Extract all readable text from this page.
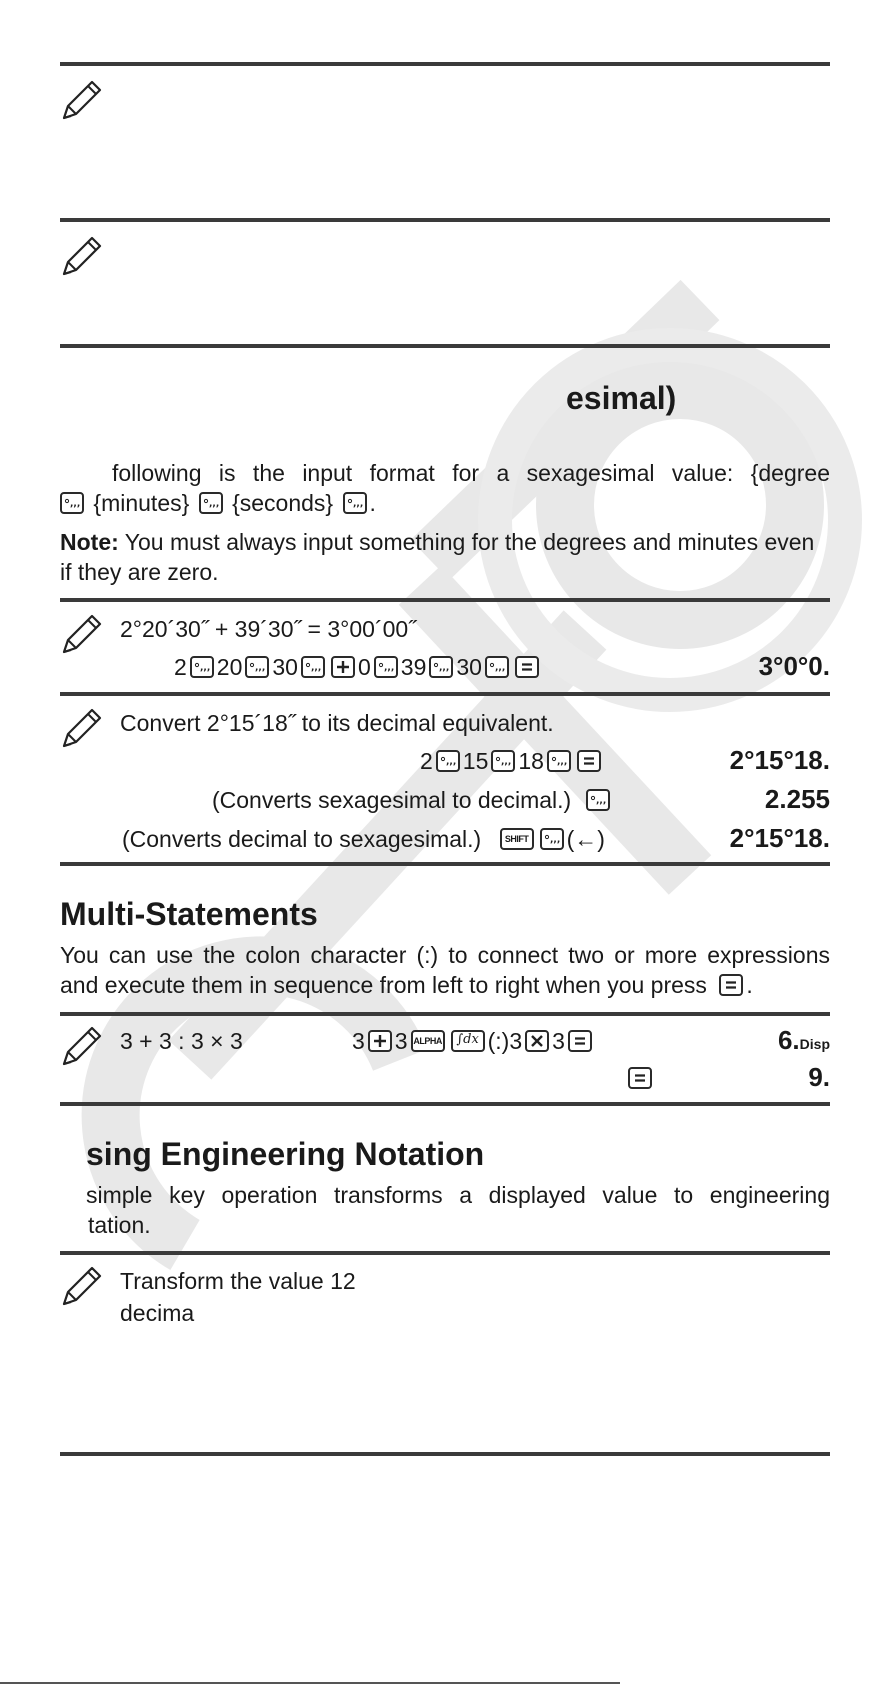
esimal)
following is the input format for a sexagesimal value: {degree
,,, {minutes} ,,, {seconds} ,,, .
Note: You must always input something for the degrees and minutes even if they are zero.
2°20´30˝ + 39´30˝ = 3°00´00˝
2 ,,, 20 ,,, 30 ,,, 0 ,,, 39 ,,, 30 ,,,	3°0°0.
Convert 2°15´18˝ to its decimal equivalent.
2 ,,, 15 ,,, 18 ,,,	2°15°18.
(Converts sexagesimal to decimal.)	,,,	2.255
(Converts decimal to sexagesimal.)	SHIFT	,,, (←)	2°15°18.
Multi-Statements
You can use the colon character (:) to connect two or more expressions
and execute them in sequence from left to right when you press .
3 + 3 : 3 × 3	3 3 ALPHA ∫dx (:)3 3	6.Disp
9.
sing Engineering Notation
simple key operation transforms a displayed value to engineering
tation.
Transform the value 12
decima
